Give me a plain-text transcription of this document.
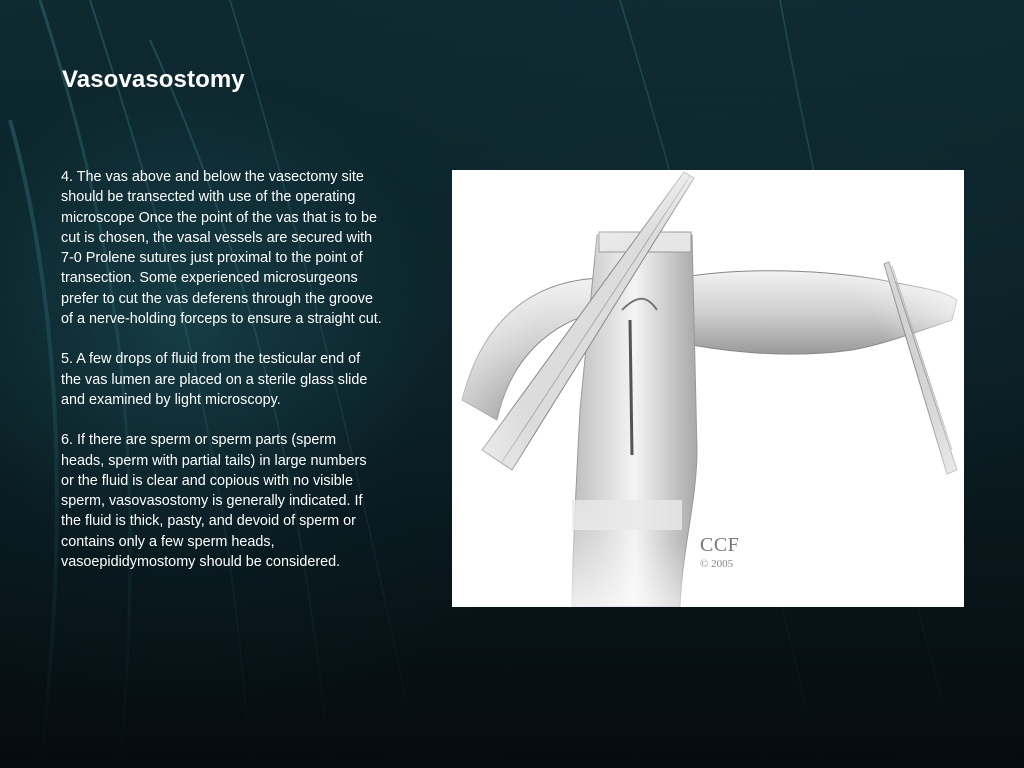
Vasovasostomy

4. The vas above and below the vasectomy site should be transected with use of the operating microscope Once the point of the vas that is to be cut is chosen, the vasal vessels are secured with 7-0 Prolene sutures just proximal to the point of transection. Some experienced microsurgeons prefer to cut the vas deferens through the groove of a nerve-holding forceps to ensure a straight cut.

5. A few drops of fluid from the testicular end of the vas lumen are placed on a sterile glass slide and examined by light microscopy.

6. If there are sperm or sperm parts (sperm heads, sperm with partial tails) in large numbers or the fluid is clear and copious with no visible sperm, vasovasostomy is generally indicated. If the fluid is thick, pasty, and devoid of sperm or contains only a few sperm heads, vasoepididymostomy should be considered.

CCF
© 2005
